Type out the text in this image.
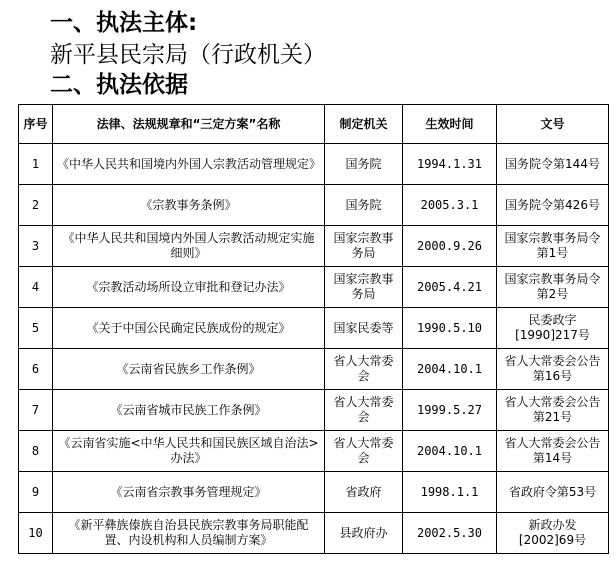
一、执法主体:
新平县民宗局（行政机关）
二、执法依据
序号	法律、法规规章和“三定方案”名称	制定机关	生效时间	文号
1	《中华人民共和国境内外国人宗教活动管理规定》	国务院	1994.1.31	国务院令第144号
2	《宗教事务条例》	国务院	2005.3.1	国务院令第426号
3	《中华人民共和国境内外国人宗教活动规定实施细则》	国家宗教事务局	2000.9.26	国家宗教事务局令第1号
4	《宗教活动场所设立审批和登记办法》	国家宗教事务局	2005.4.21	国家宗教事务局令第2号
5	《关于中国公民确定民族成份的规定》	国家民委等	1990.5.10	民委政字[1990]217号
6	《云南省民族乡工作条例》	省人大常委会	2004.10.1	省人大常委会公告第16号
7	《云南省城市民族工作条例》	省人大常委会	1999.5.27	省人大常委会公告第21号
8	《云南省实施<中华人民共和国民族区域自治法>办法》	省人大常委会	2004.10.1	省人大常委会公告第14号
9	《云南省宗教事务管理规定》	省政府	1998.1.1	省政府令第53号
10	《新平彝族傣族自治县民族宗教事务局职能配置、内设机构和人员编制方案》	县政府办	2002.5.30	新政办发[2002]69号
